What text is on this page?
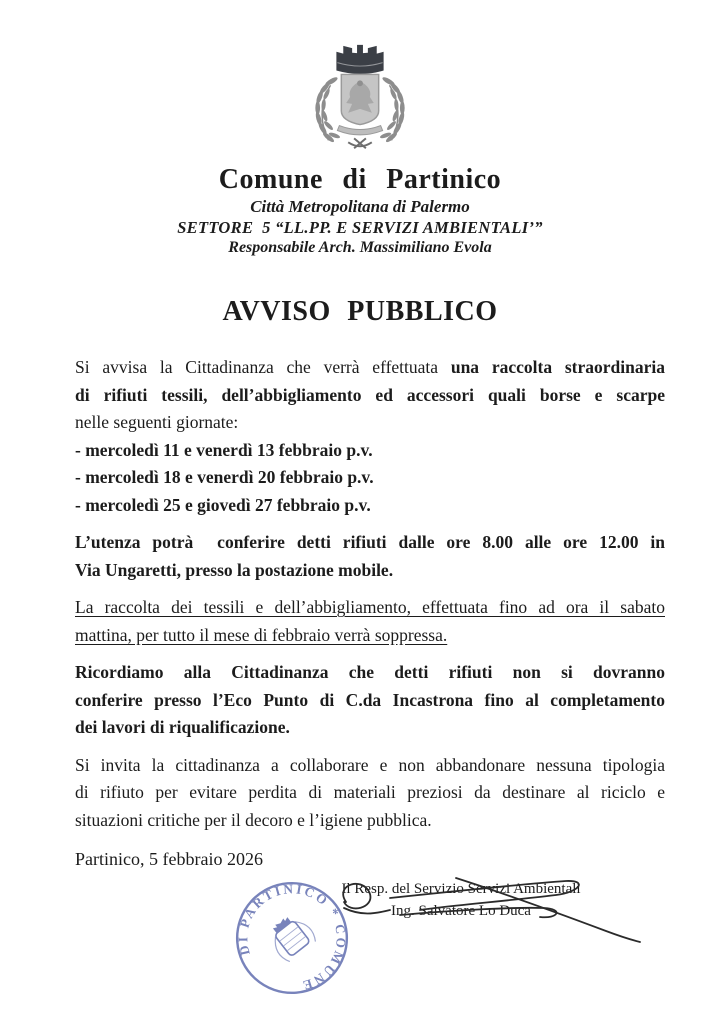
Comune di Partinico
Città Metropolitana di Palermo
SETTORE  5 “LL.PP. E SERVIZI AMBIENTALI’”
Responsabile Arch. Massimiliano Evola
AVVISO PUBBLICO
Si avvisa la Cittadinanza che verrà effettuata una raccolta straordinaria
di rifiuti tessili, dell’abbigliamento ed accessori quali borse e scarpe
nelle seguenti giornate:
- mercoledì 11 e venerdì 13 febbraio p.v.
- mercoledì 18 e venerdì 20 febbraio p.v.
- mercoledì 25 e giovedì 27 febbraio p.v.
L’utenza potrà  conferire detti rifiuti dalle ore 8.00 alle ore 12.00 in
Via Ungaretti, presso la postazione mobile.
La raccolta dei tessili e dell’abbigliamento, effettuata fino ad ora il sabato
mattina, per tutto il mese di febbraio verrà soppressa.
Ricordiamo alla Cittadinanza che detti rifiuti non si dovranno
conferire presso l’Eco Punto di C.da Incastrona fino al completamento
dei lavori di riqualificazione.
Si invita la cittadinanza a collaborare e non abbandonare nessuna tipologia
di rifiuto per evitare perdita di materiali preziosi da destinare al riciclo e
situazioni critiche per il decoro e l’igiene pubblica.
Partinico, 5 febbraio 2026
DI PARTINICO * COMUNE
Il Resp. del Servizio Servizi Ambientali
Ing. Salvatore Lo Duca
